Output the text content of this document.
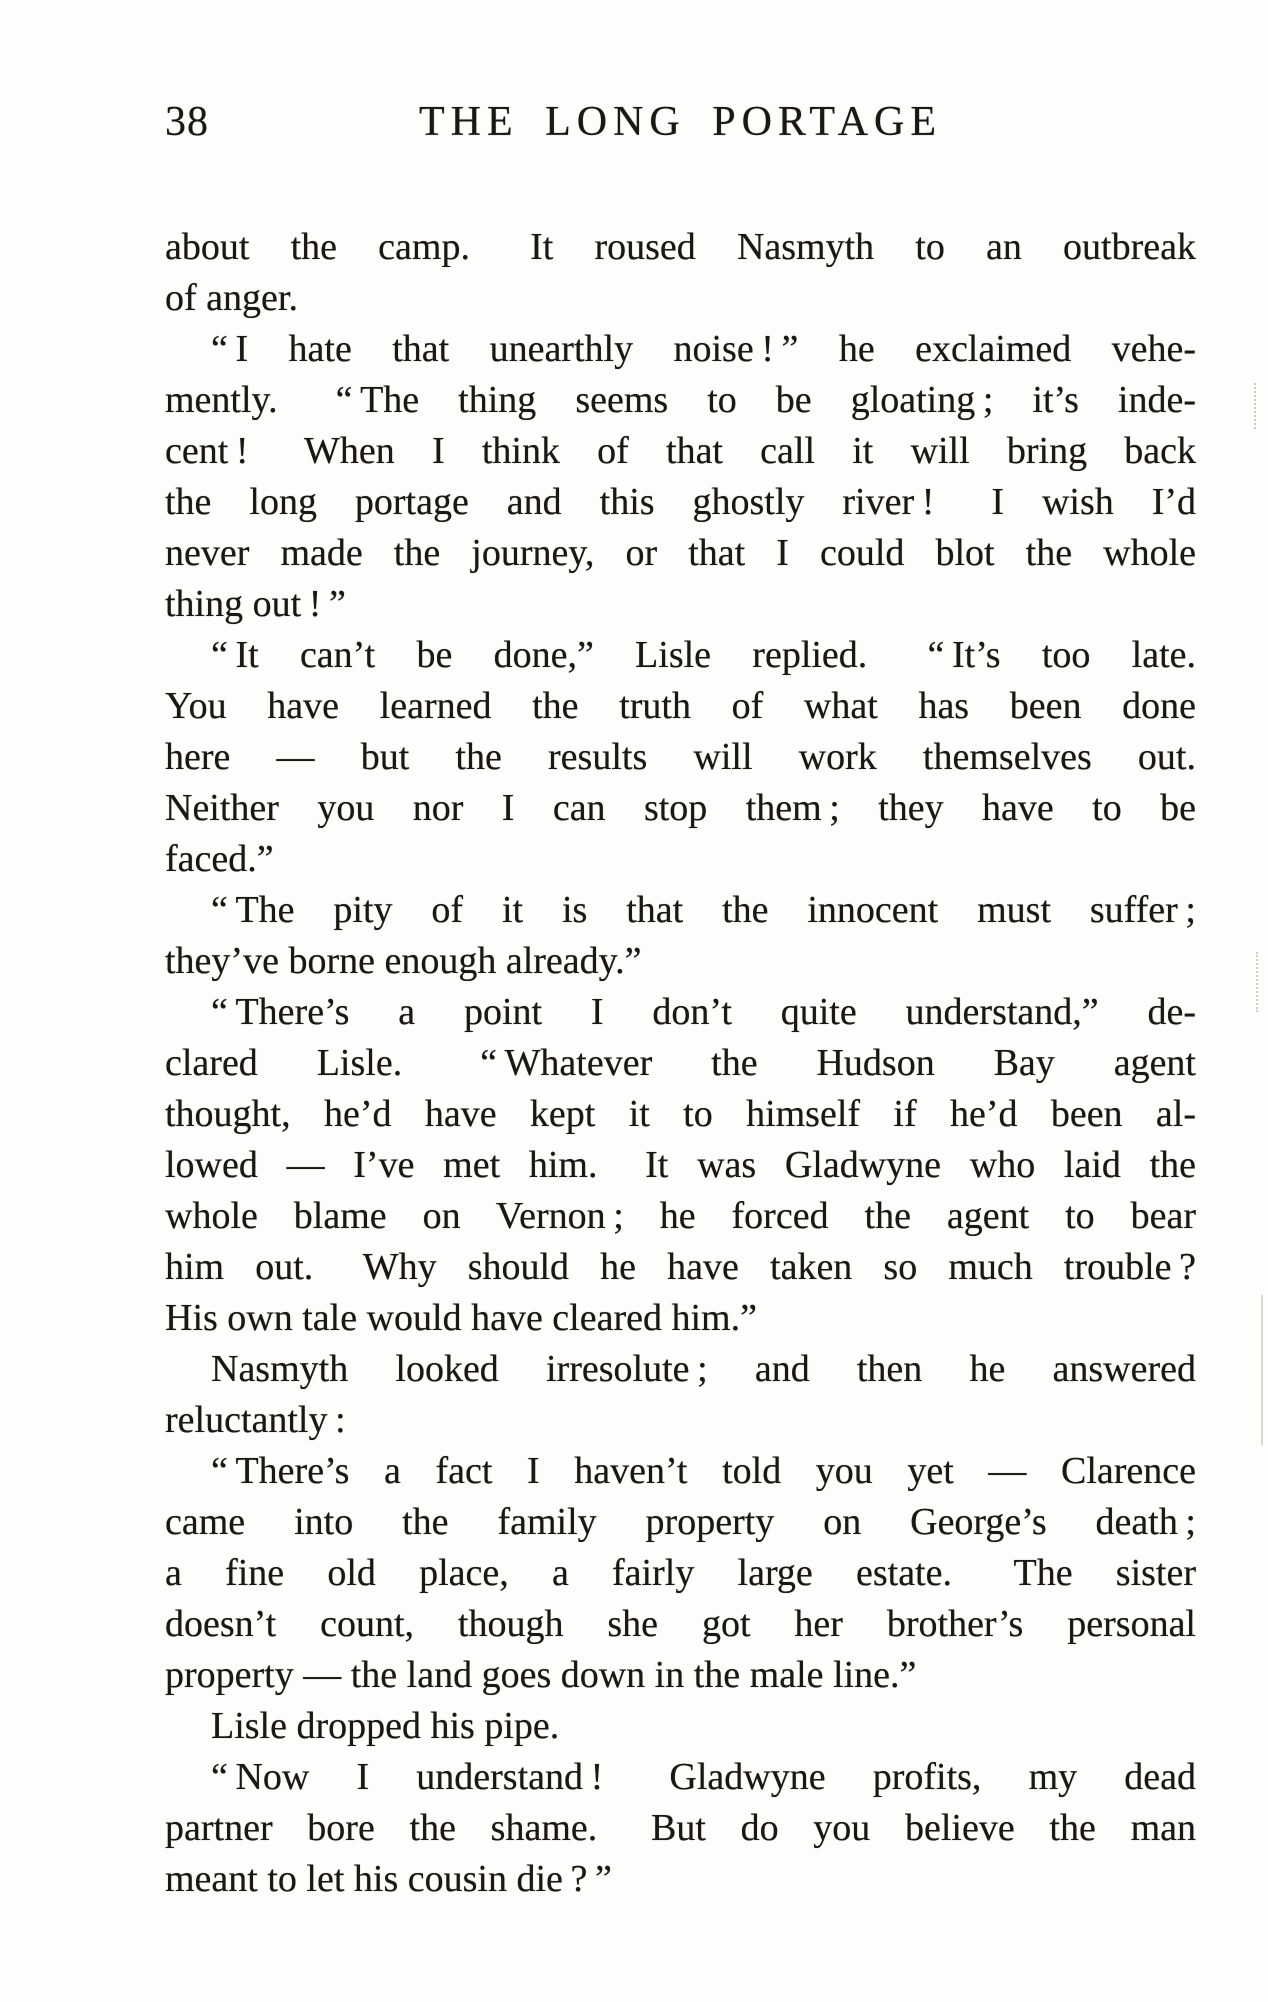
38	THE LONG PORTAGE
about the camp.  It roused Nasmyth to an outbreak
of anger.
“ I hate that unearthly noise ! ” he exclaimed vehe-
mently.  “ The thing seems to be gloating ; it’s inde-
cent !  When I think of that call it will bring back
the long portage and this ghostly river !  I wish I’d
never made the journey, or that I could blot the whole
thing out ! ”
“ It can’t be done,” Lisle replied.  “ It’s too late.
You have learned the truth of what has been done
here — but the results will work themselves out.
Neither you nor I can stop them ; they have to be
faced.”
“ The pity of it is that the innocent must suffer ;
they’ve borne enough already.”
“ There’s a point I don’t quite understand,” de-
clared Lisle.  “ Whatever the Hudson Bay agent
thought, he’d have kept it to himself if he’d been al-
lowed — I’ve met him.  It was Gladwyne who laid the
whole blame on Vernon ; he forced the agent to bear
him out.  Why should he have taken so much trouble ?
His own tale would have cleared him.”
Nasmyth looked irresolute ; and then he answered
reluctantly :
“ There’s a fact I haven’t told you yet — Clarence
came into the family property on George’s death ;
a fine old place, a fairly large estate.  The sister
doesn’t count, though she got her brother’s personal
property — the land goes down in the male line.”
Lisle dropped his pipe.
“ Now I understand !  Gladwyne profits, my dead
partner bore the shame.  But do you believe the man
meant to let his cousin die ? ”
